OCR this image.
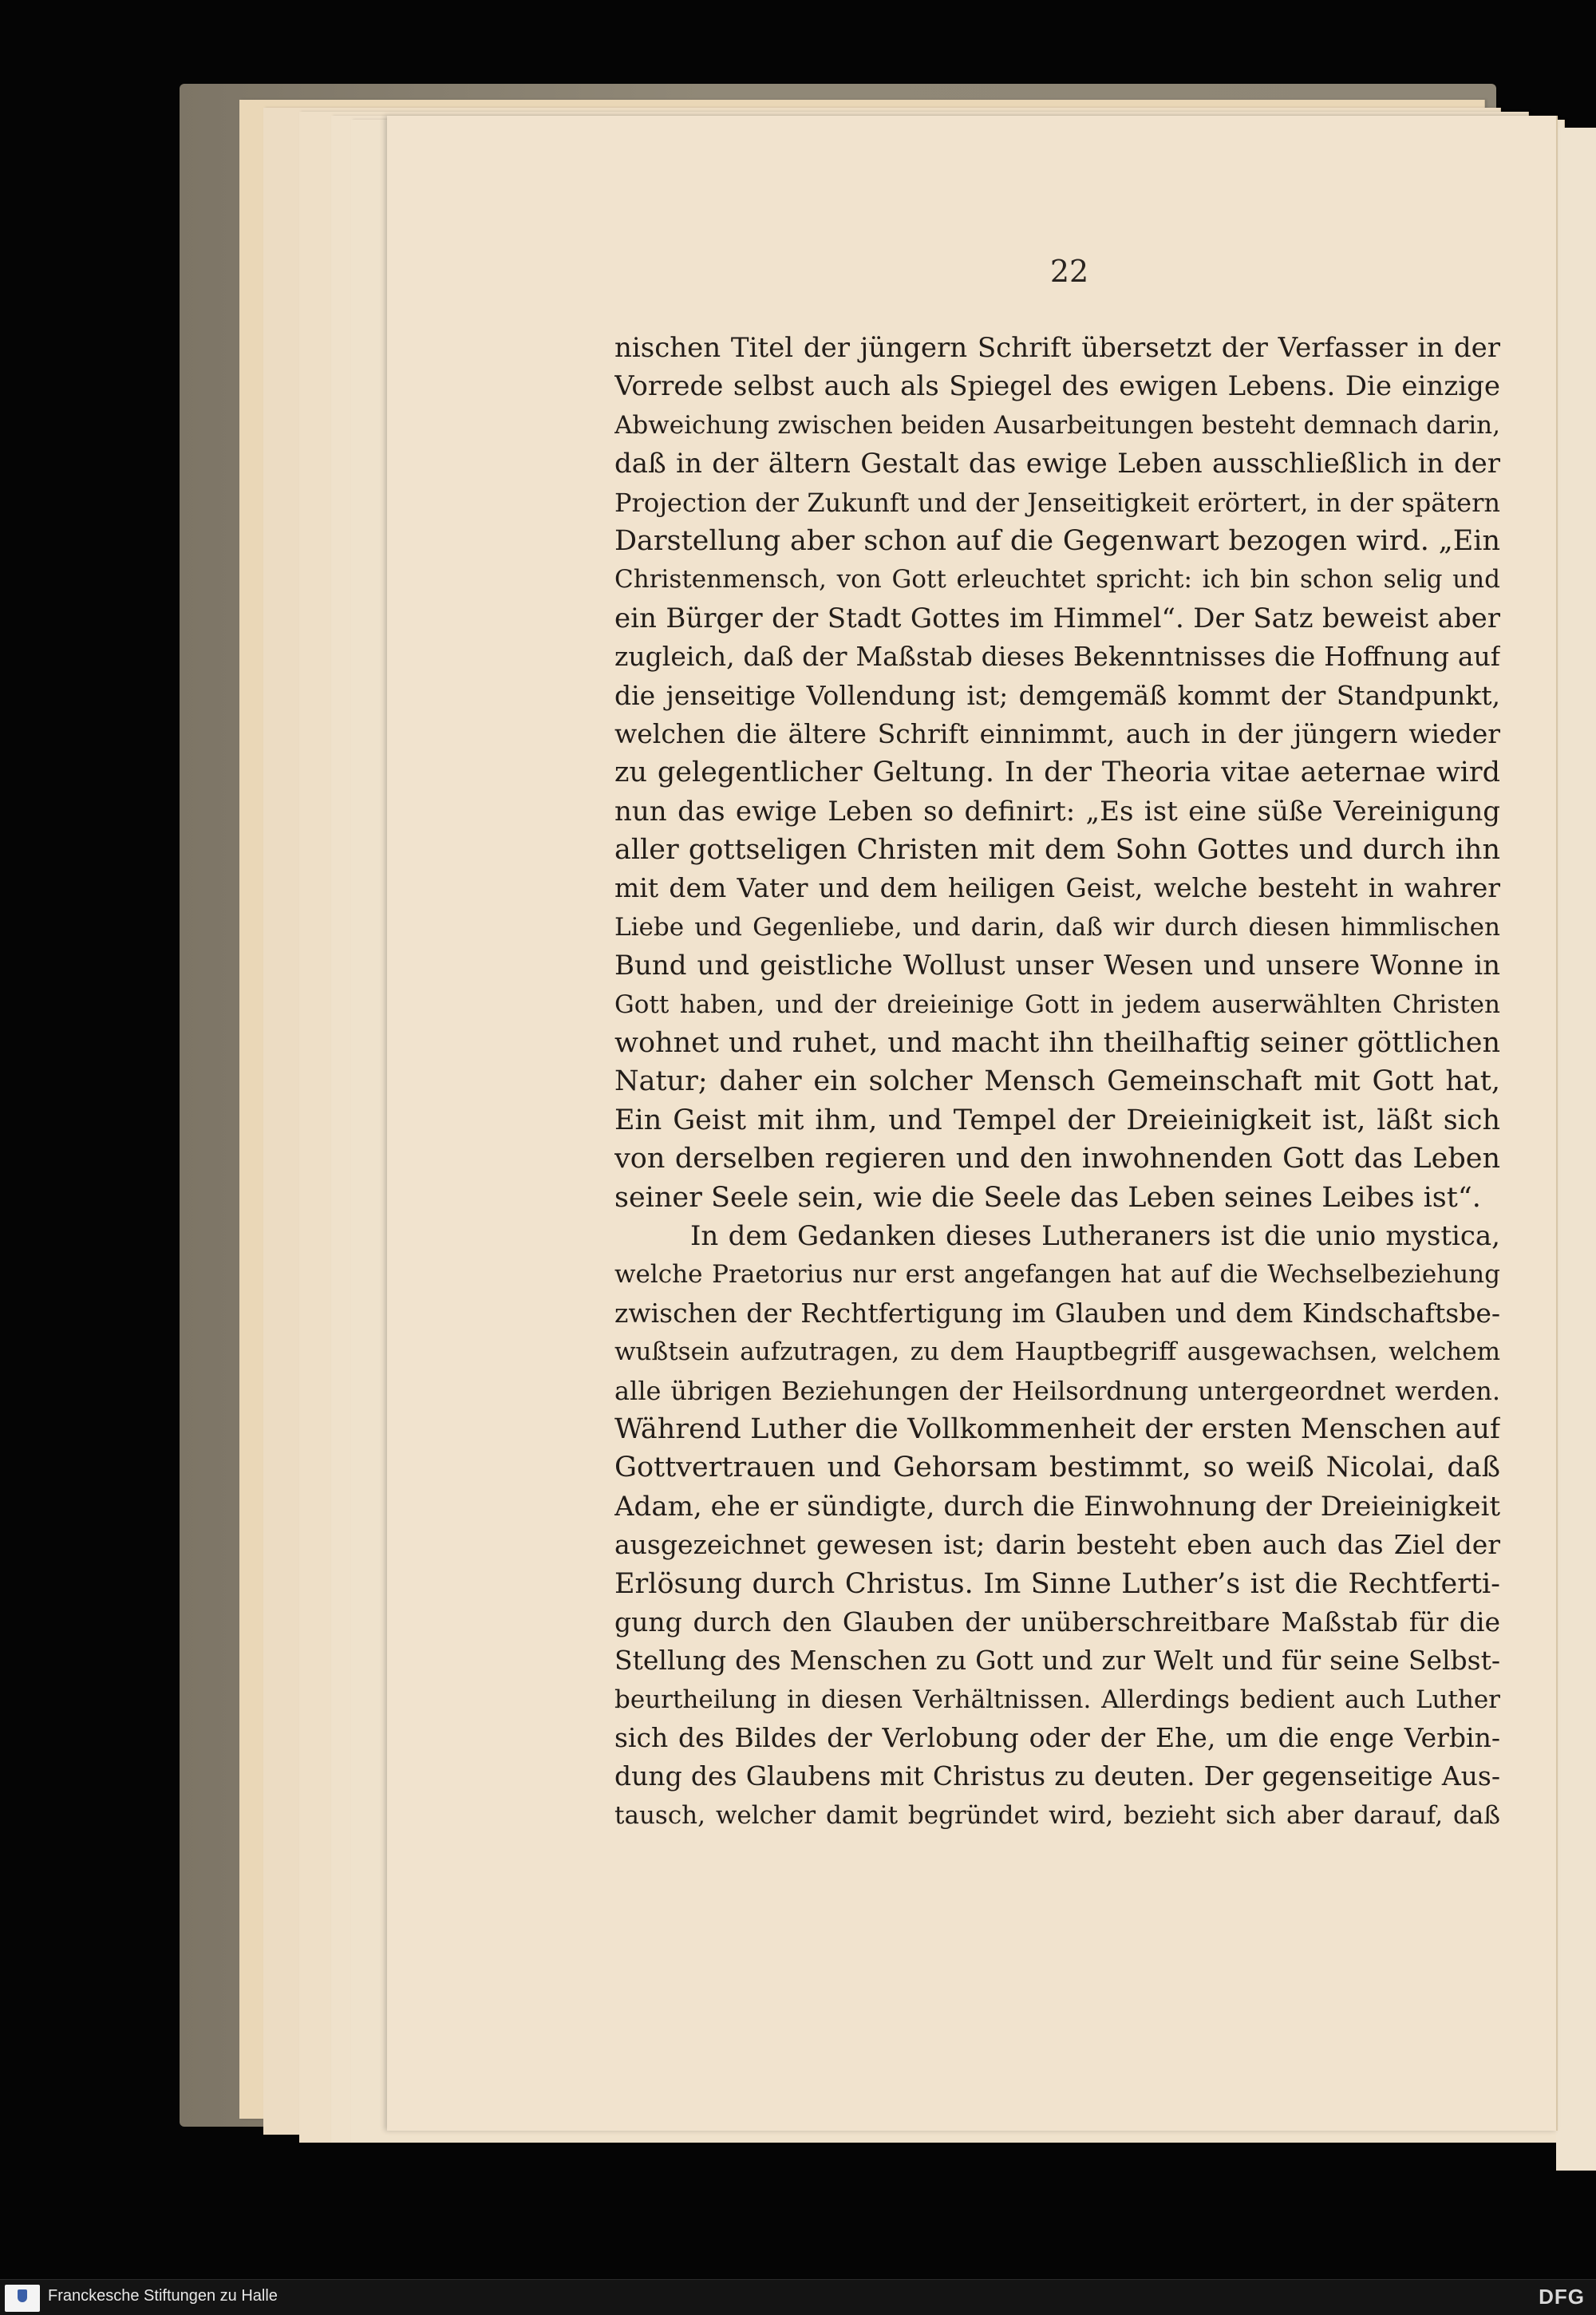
22
nischen Titel der jüngern Schrift übersetzt der Verfasser in der
Vorrede selbst auch als Spiegel des ewigen Lebens. Die einzige
Abweichung zwischen beiden Ausarbeitungen besteht demnach darin,
daß in der ältern Gestalt das ewige Leben ausschließlich in der
Projection der Zukunft und der Jenseitigkeit erörtert, in der spätern
Darstellung aber schon auf die Gegenwart bezogen wird. „Ein
Christenmensch, von Gott erleuchtet spricht: ich bin schon selig und
ein Bürger der Stadt Gottes im Himmel“. Der Satz beweist aber
zugleich, daß der Maßstab dieses Bekenntnisses die Hoffnung auf
die jenseitige Vollendung ist; demgemäß kommt der Standpunkt,
welchen die ältere Schrift einnimmt, auch in der jüngern wieder
zu gelegentlicher Geltung. In der Theoria vitae aeternae wird
nun das ewige Leben so definirt: „Es ist eine süße Vereinigung
aller gottseligen Christen mit dem Sohn Gottes und durch ihn
mit dem Vater und dem heiligen Geist, welche besteht in wahrer
Liebe und Gegenliebe, und darin, daß wir durch diesen himmlischen
Bund und geistliche Wollust unser Wesen und unsere Wonne in
Gott haben, und der dreieinige Gott in jedem auserwählten Christen
wohnet und ruhet, und macht ihn theilhaftig seiner göttlichen
Natur; daher ein solcher Mensch Gemeinschaft mit Gott hat,
Ein Geist mit ihm, und Tempel der Dreieinigkeit ist, läßt sich
von derselben regieren und den inwohnenden Gott das Leben
seiner Seele sein, wie die Seele das Leben seines Leibes ist“.
In dem Gedanken dieses Lutheraners ist die unio mystica,
welche Praetorius nur erst angefangen hat auf die Wechselbeziehung
zwischen der Rechtfertigung im Glauben und dem Kindschaftsbe-
wußtsein aufzutragen, zu dem Hauptbegriff ausgewachsen, welchem
alle übrigen Beziehungen der Heilsordnung untergeordnet werden.
Während Luther die Vollkommenheit der ersten Menschen auf
Gottvertrauen und Gehorsam bestimmt, so weiß Nicolai, daß
Adam, ehe er sündigte, durch die Einwohnung der Dreieinigkeit
ausgezeichnet gewesen ist; darin besteht eben auch das Ziel der
Erlösung durch Christus. Im Sinne Luther’s ist die Rechtferti-
gung durch den Glauben der unüberschreitbare Maßstab für die
Stellung des Menschen zu Gott und zur Welt und für seine Selbst-
beurtheilung in diesen Verhältnissen. Allerdings bedient auch Luther
sich des Bildes der Verlobung oder der Ehe, um die enge Verbin-
dung des Glaubens mit Christus zu deuten. Der gegenseitige Aus-
tausch, welcher damit begründet wird, bezieht sich aber darauf, daß
Franckesche Stiftungen zu Halle	DFG
